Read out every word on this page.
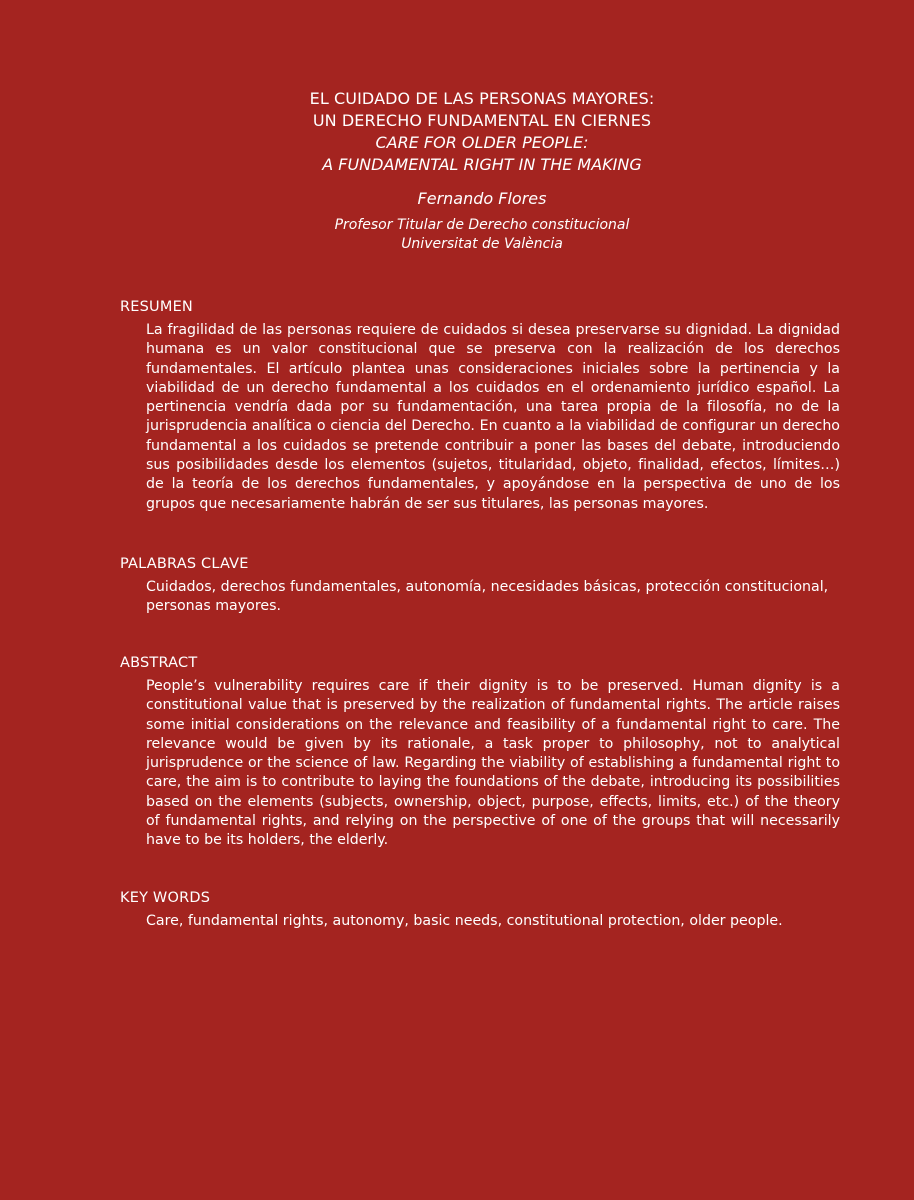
EL CUIDADO DE LAS PERSONAS MAYORES:
UN DERECHO FUNDAMENTAL EN CIERNES
CARE FOR OLDER PEOPLE:
A FUNDAMENTAL RIGHT IN THE MAKING
Fernando Flores
Profesor Titular de Derecho constitucional
Universitat de València
RESUMEN
La fragilidad de las personas requiere de cuidados si desea preservarse su dignidad. La dignidad humana es un valor constitucional que se preserva con la realización de los derechos fundamentales. El artículo plantea unas consideraciones iniciales sobre la pertinencia y la viabilidad de un derecho fundamental a los cuidados en el ordenamiento jurídico español. La pertinencia vendría dada por su fundamentación, una tarea propia de la filosofía, no de la jurisprudencia analítica o ciencia del Derecho. En cuanto a la viabilidad de configurar un derecho fundamental a los cuidados se pretende contribuir a poner las bases del debate, introduciendo sus posibilidades desde los elementos (sujetos, titularidad, objeto, finalidad, efectos, límites…) de la teoría de los derechos fundamentales, y apoyándose en la perspectiva de uno de los grupos que necesariamente habrán de ser sus titulares, las personas mayores.
PALABRAS CLAVE
Cuidados, derechos fundamentales, autonomía, necesidades básicas, protección constitucional, personas mayores.
ABSTRACT
People’s vulnerability requires care if their dignity is to be preserved. Human dignity is a constitutional value that is preserved by the realization of fundamental rights. The article raises some initial considerations on the relevance and feasibility of a fundamental right to care. The relevance would be given by its rationale, a task proper to philosophy, not to analytical jurisprudence or the science of law. Regarding the viability of establishing a fundamental right to care, the aim is to contribute to laying the foundations of the debate, introducing its possibilities based on the elements (subjects, ownership, object, purpose, effects, limits, etc.) of the theory of fundamental rights, and relying on the perspective of one of the groups that will necessarily have to be its holders, the elderly.
KEY WORDS
Care, fundamental rights, autonomy, basic needs, constitutional protection, older people.
